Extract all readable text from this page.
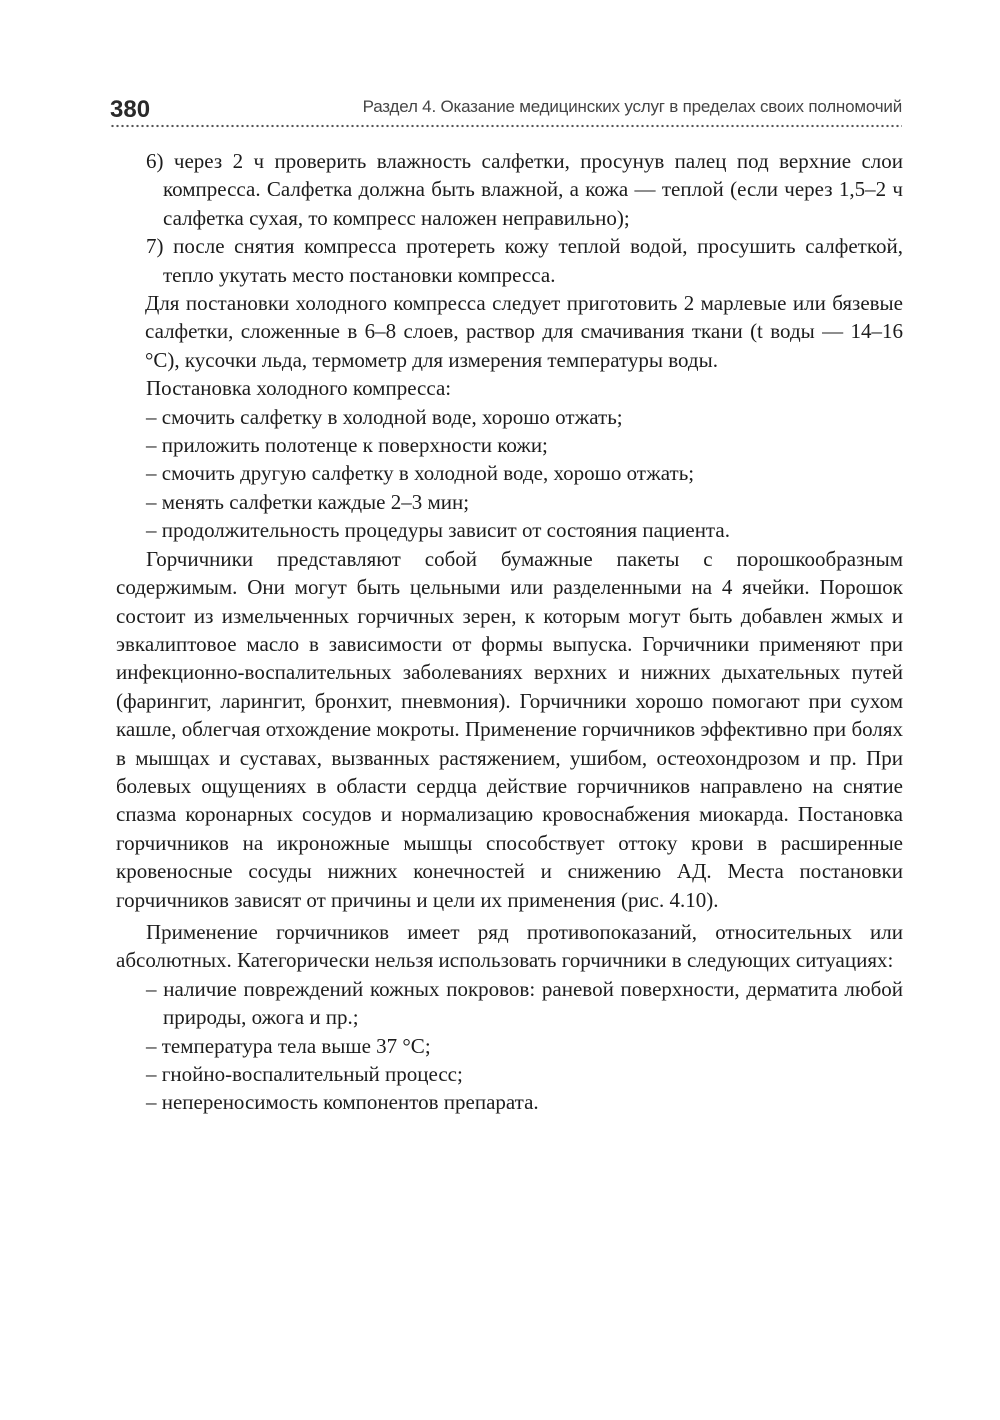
380	Раздел 4. Оказание медицинских услуг в пределах своих полномочий

6) через 2 ч проверить влажность салфетки, просунув палец под верхние слои компресса. Салфетка должна быть влажной, а кожа — теплой (если через 1,5–2 ч салфетка сухая, то компресс наложен неправильно);

7) после снятия компресса протереть кожу теплой водой, просушить салфеткой, тепло укутать место постановки компресса.

Для постановки холодного компресса следует приготовить 2 марлевые или бязевые салфетки, сложенные в 6–8 слоев, раствор для смачивания ткани (t воды — 14–16 °С), кусочки льда, термометр для измерения температуры воды.

Постановка холодного компресса:

– смочить салфетку в холодной воде, хорошо отжать;

– приложить полотенце к поверхности кожи;

– смочить другую салфетку в холодной воде, хорошо отжать;

– менять салфетки каждые 2–3 мин;

– продолжительность процедуры зависит от состояния пациента.

Горчичники представляют собой бумажные пакеты с порошкообразным содержимым. Они могут быть цельными или разделенными на 4 ячейки. Порошок состоит из измельченных горчичных зерен, к которым могут быть добавлен жмых и эвкалиптовое масло в зависимости от формы выпуска. Горчичники применяют при инфекционно-воспалительных заболеваниях верхних и нижних дыхательных путей (фарингит, ларингит, бронхит, пневмония). Горчичники хорошо помогают при сухом кашле, облегчая отхождение мокроты. Применение горчичников эффективно при болях в мышцах и суставах, вызванных растяжением, ушибом, остеохондрозом и пр. При болевых ощущениях в области сердца действие горчичников направлено на снятие спазма коронарных сосудов и нормализацию кровоснабжения миокарда. Постановка горчичников на икроножные мышцы способствует оттоку крови в расширенные кровеносные сосуды нижних конечностей и снижению АД. Места постановки горчичников зависят от причины и цели их применения (рис. 4.10).

Применение горчичников имеет ряд противопоказаний, относительных или абсолютных. Категорически нельзя использовать горчичники в следующих ситуациях:

– наличие повреждений кожных покровов: раневой поверхности, дерматита любой природы, ожога и пр.;

– температура тела выше 37 °С;

– гнойно-воспалительный процесс;

– непереносимость компонентов препарата.
